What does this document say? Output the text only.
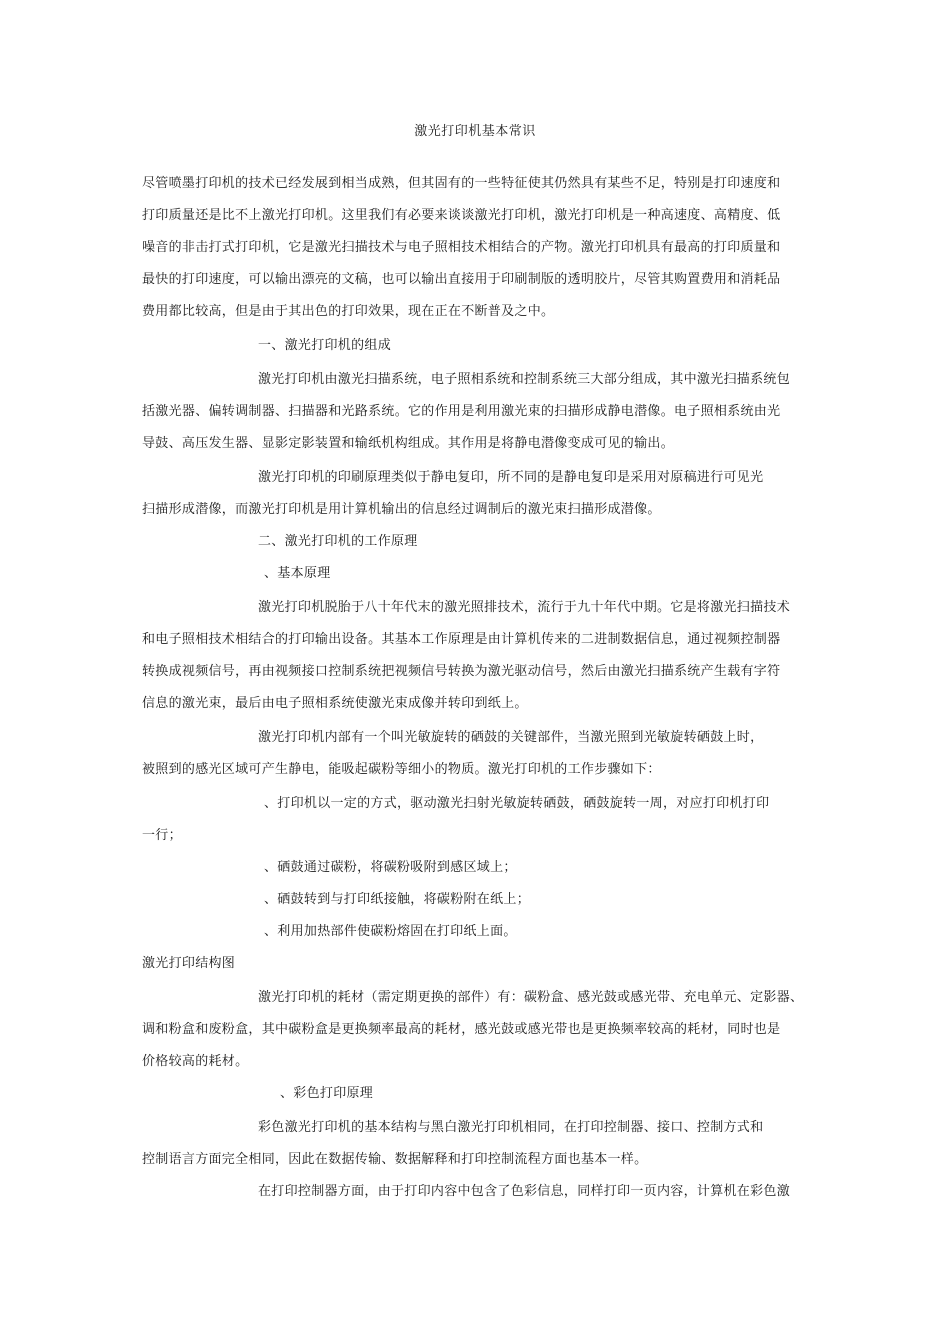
激光打印机基本常识
尽管喷墨打印机的技术已经发展到相当成熟，但其固有的一些特征使其仍然具有某些不足，特别是打印速度和
打印质量还是比不上激光打印机。这里我们有必要来谈谈激光打印机，激光打印机是一种高速度、高精度、低
噪音的非击打式打印机，它是激光扫描技术与电子照相技术相结合的产物。激光打印机具有最高的打印质量和
最快的打印速度，可以输出漂亮的文稿，也可以输出直接用于印刷制版的透明胶片，尽管其购置费用和消耗品
费用都比较高，但是由于其出色的打印效果，现在正在不断普及之中。
一、激光打印机的组成
激光打印机由激光扫描系统，电子照相系统和控制系统三大部分组成，其中激光扫描系统包
括激光器、偏转调制器、扫描器和光路系统。它的作用是利用激光束的扫描形成静电潜像。电子照相系统由光
导鼓、高压发生器、显影定影装置和输纸机构组成。其作用是将静电潜像变成可见的输出。
激光打印机的印刷原理类似于静电复印，所不同的是静电复印是采用对原稿进行可见光
扫描形成潜像，而激光打印机是用计算机输出的信息经过调制后的激光束扫描形成潜像。
二、激光打印机的工作原理
、基本原理
激光打印机脱胎于八十年代末的激光照排技术，流行于九十年代中期。它是将激光扫描技术
和电子照相技术相结合的打印输出设备。其基本工作原理是由计算机传来的二进制数据信息，通过视频控制器
转换成视频信号，再由视频接口控制系统把视频信号转换为激光驱动信号，然后由激光扫描系统产生载有字符
信息的激光束，最后由电子照相系统使激光束成像并转印到纸上。
激光打印机内部有一个叫光敏旋转的硒鼓的关键部件，当激光照到光敏旋转硒鼓上时，
被照到的感光区域可产生静电，能吸起碳粉等细小的物质。激光打印机的工作步骤如下：
、打印机以一定的方式，驱动激光扫射光敏旋转硒鼓，硒鼓旋转一周，对应打印机打印
一行；
、硒鼓通过碳粉，将碳粉吸附到感区域上；
、硒鼓转到与打印纸接触，将碳粉附在纸上；
、利用加热部件使碳粉熔固在打印纸上面。
激光打印结构图
激光打印机的耗材（需定期更换的部件）有：碳粉盒、感光鼓或感光带、充电单元、定影器、
调和粉盒和废粉盒，其中碳粉盒是更换频率最高的耗材，感光鼓或感光带也是更换频率较高的耗材，同时也是
价格较高的耗材。
、彩色打印原理
彩色激光打印机的基本结构与黑白激光打印机相同，在打印控制器、接口、控制方式和
控制语言方面完全相同，因此在数据传输、数据解释和打印控制流程方面也基本一样。
在打印控制器方面，由于打印内容中包含了色彩信息，同样打印一页内容，计算机在彩色激
